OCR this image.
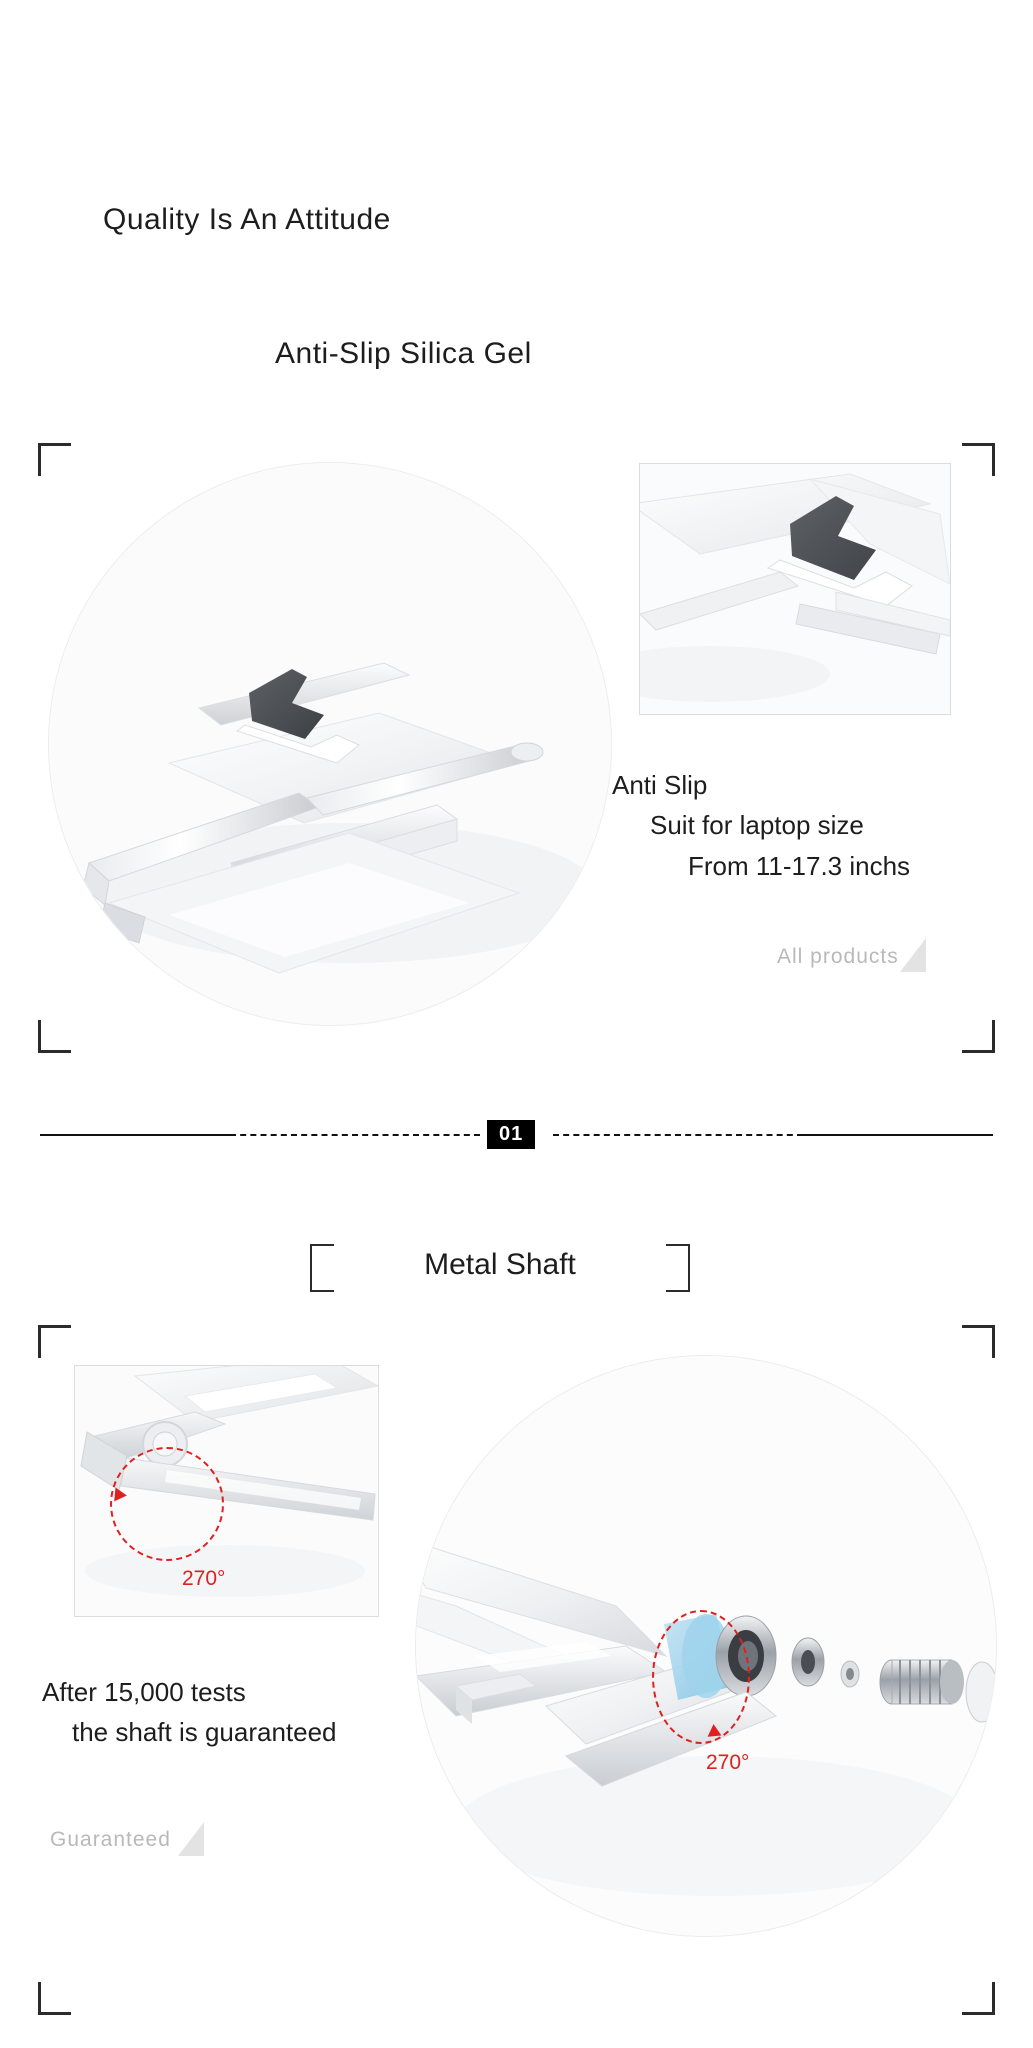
Quality Is An Attitude
Anti-Slip Silica Gel
Anti Slip
Suit for laptop size
From 11-17.3 inchs
All products
01
Metal Shaft
270°
270°
After 15,000 tests
the shaft is guaranteed
Guaranteed
